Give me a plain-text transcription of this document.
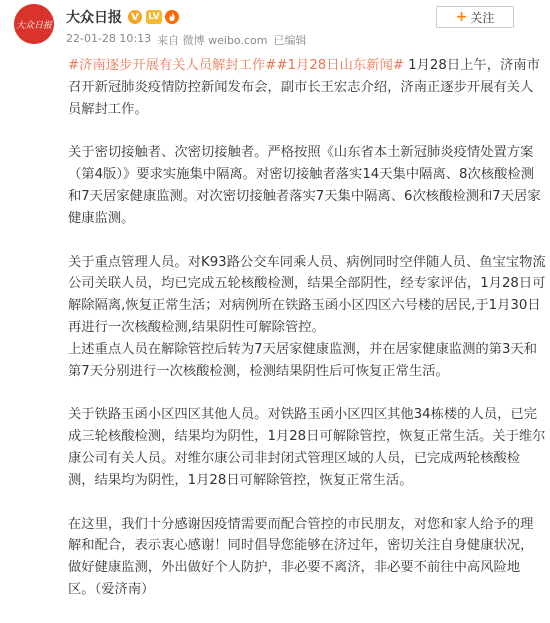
大众日报 大众日报 V	LV
22-01-28 10:13 来自 微博 weibo.com 已编辑
+ 关注

#济南逐步开展有关人员解封工作##1月28日山东新闻# 1月28日上午，济南市召开新冠肺炎疫情防控新闻发布会，副市长王宏志介绍，济南正逐步开展有关人员解封工作。

关于密切接触者、次密切接触者。严格按照《山东省本土新冠肺炎疫情处置方案（第4版）》要求实施集中隔离。对密切接触者落实14天集中隔离、8次核酸检测和7天居家健康监测。对次密切接触者落实7天集中隔离、6次核酸检测和7天居家健康监测。

关于重点管理人员。对K93路公交车同乘人员、病例同时空伴随人员、鱼宝宝物流公司关联人员，均已完成五轮核酸检测，结果全部阴性，经专家评估，1月28日可解除隔离,恢复正常生活；对病例所在铁路玉函小区四区六号楼的居民,于1月30日再进行一次核酸检测,结果阴性可解除管控。

上述重点人员在解除管控后转为7天居家健康监测，并在居家健康监测的第3天和第7天分别进行一次核酸检测，检测结果阴性后可恢复正常生活。

关于铁路玉函小区四区其他人员。对铁路玉函小区四区其他34栋楼的人员，已完成三轮核酸检测，结果均为阴性，1月28日可解除管控，恢复正常生活。关于维尔康公司有关人员。对维尔康公司非封闭式管理区域的人员，已完成两轮核酸检测，结果均为阴性，1月28日可解除管控，恢复正常生活。

在这里，我们十分感谢因疫情需要而配合管控的市民朋友，对您和家人给予的理解和配合，表示衷心感谢！同时倡导您能够在济过年，密切关注自身健康状况，做好健康监测，外出做好个人防护，非必要不离济，非必要不前往中高风险地区。（爱济南）
